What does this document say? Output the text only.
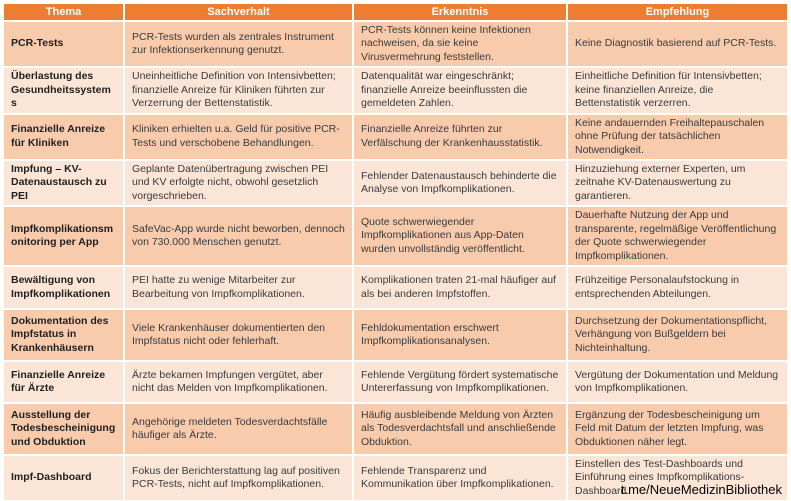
Thema	Sachverhalt	Erkenntnis	Empfehlung
PCR-Tests	PCR-Tests wurden als zentrales Instrument zur Infektionserkennung genutzt.	PCR-Tests können keine Infektionen nachweisen, da sie keine Virusvermehrung feststellen.	Keine Diagnostik basierend auf PCR-Tests.
Überlastung des Gesundheitssystems	Uneinheitliche Definition von Intensivbetten; finanzielle Anreize für Kliniken führten zur Verzerrung der Bettenstatistik.	Datenqualität war eingeschränkt; finanzielle Anreize beeinflussten die gemeldeten Zahlen.	Einheitliche Definition für Intensivbetten; keine finanziellen Anreize, die Bettenstatistik verzerren.
Finanzielle Anreize für Kliniken	Kliniken erhielten u.a. Geld für positive PCR-Tests und verschobene Behandlungen.	Finanzielle Anreize führten zur Verfälschung der Krankenhausstatistik.	Keine andauernden Freihaltepauschalen ohne Prüfung der tatsächlichen Notwendigkeit.
Impfung – KV-Datenaustausch zu PEI	Geplante Datenübertragung zwischen PEI und KV erfolgte nicht, obwohl gesetzlich vorgeschrieben.	Fehlender Datenaustausch behinderte die Analyse von Impfkomplikationen.	Hinzuziehung externer Experten, um zeitnahe KV-Datenauswertung zu garantieren.
Impfkomplikationsmonitoring per App	SafeVac-App wurde nicht beworben, dennoch von 730.000 Menschen genutzt.	Quote schwerwiegender Impfkomplikationen aus App-Daten wurden unvollständig veröffentlicht.	Dauerhafte Nutzung der App und transparente, regelmäßige Veröffentlichung der Quote schwerwiegender Impfkomplikationen.
Bewältigung von Impfkomplikationen	PEI hatte zu wenige Mitarbeiter zur Bearbeitung von Impfkomplikationen.	Komplikationen traten 21-mal häufiger auf als bei anderen Impfstoffen.	Frühzeitige Personalaufstockung in entsprechenden Abteilungen.
Dokumentation des Impfstatus in Krankenhäusern	Viele Krankenhäuser dokumentierten den Impfstatus nicht oder fehlerhaft.	Fehldokumentation erschwert Impfkomplikationsanalysen.	Durchsetzung der Dokumentationspflicht, Verhängung von Bußgeldern bei Nichteinhaltung.
Finanzielle Anreize für Ärzte	Ärzte bekamen Impfungen vergütet, aber nicht das Melden von Impfkomplikationen.	Fehlende Vergütung fördert systematische Untererfassung von Impfkomplikationen.	Vergütung der Dokumentation und Meldung von Impfkomplikationen.
Ausstellung der Todesbescheinigung und Obduktion	Angehörige meldeten Todesverdachtsfälle häufiger als Ärzte.	Häufig ausbleibende Meldung von Ärzten als Todesverdachtsfall und anschließende Obduktion.	Ergänzung der Todesbescheinigung um Feld mit Datum der letzten Impfung, was Obduktionen näher legt.
Impf-Dashboard	Fokus der Berichterstattung lag auf positiven PCR-Tests, nicht auf Impfkomplikationen.	Fehlende Transparenz und Kommunikation über Impfkomplikationen.	Einstellen des Test-Dashboards und Einführung eines Impfkomplikations-Dashboard.
t.me/NeueMedizinBibliothek
